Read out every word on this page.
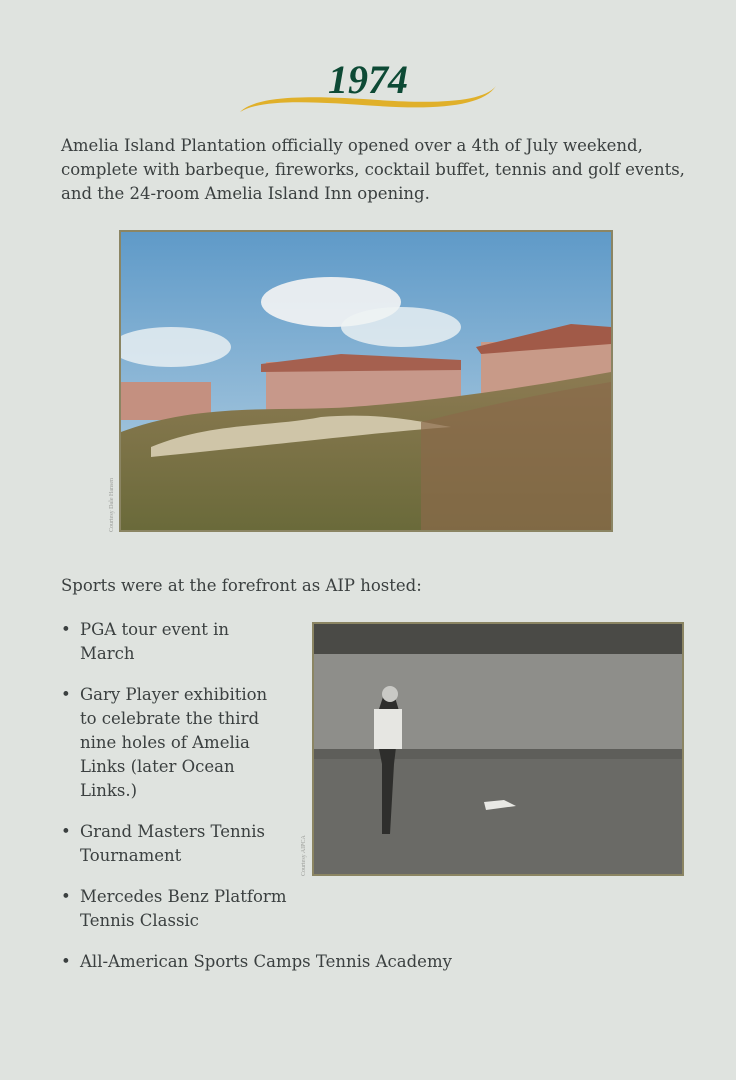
1974
Amelia Island Plantation officially opened over a 4th of July weekend, complete with barbeque, fireworks, cocktail buffet, tennis and golf events, and the 24-room Amelia Island Inn opening.
Courtesy Dale Hansen
Sports were at the forefront as AIP hosted:
• PGA tour event in March
• Gary Player exhibition to celebrate the third nine holes of Amelia Links (later Ocean Links.)
• Grand Masters Tennis Tournament
• Mercedes Benz Platform Tennis Classic
• All-American Sports Camps Tennis Academy
Courtesy AIPCA
